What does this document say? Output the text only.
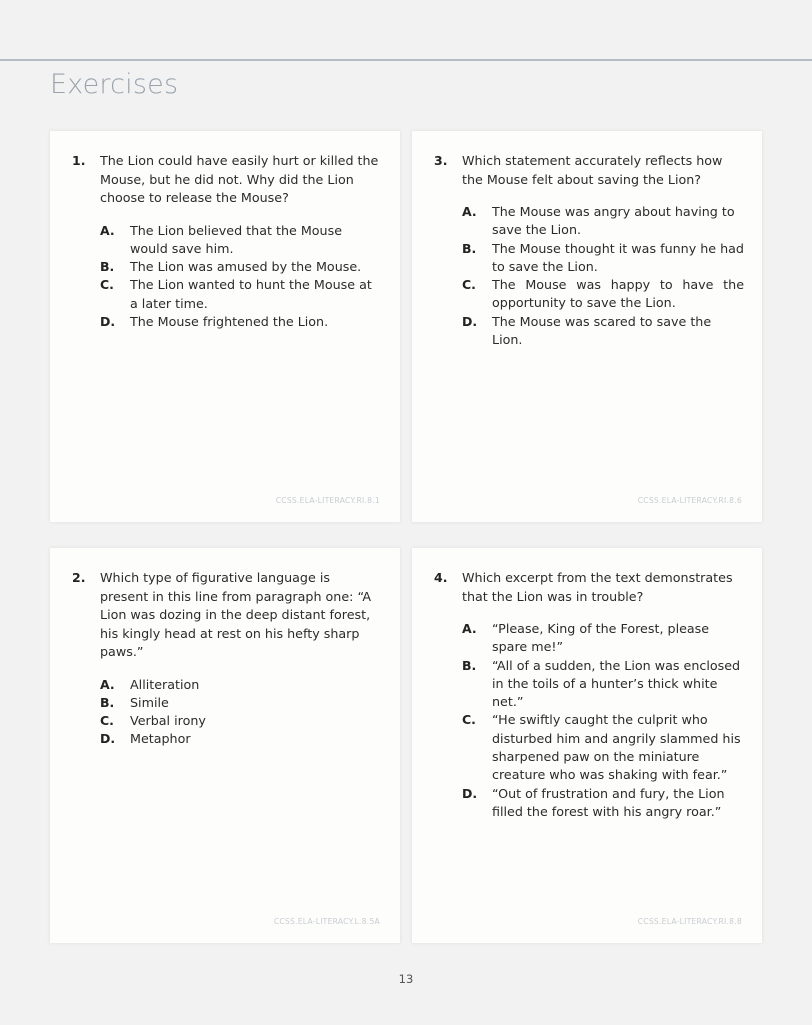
Exercises
1.	The Lion could have easily hurt or killed the Mouse, but he did not. Why did the Lion choose to release the Mouse?
A.	The Lion believed that the Mouse would save him.
B.	The Lion was amused by the Mouse.
C.	The Lion wanted to hunt the Mouse at a later time.
D.	The Mouse frightened the Lion.
CCSS.ELA-LITERACY.RI.8.1
3.	Which statement accurately reflects how the Mouse felt about saving the Lion?
A.	The Mouse was angry about having to save the Lion.
B.	The Mouse thought it was funny he had to save the Lion.
C.	The Mouse was happy to have the opportunity to save the Lion.
D.	The Mouse was scared to save the Lion.
CCSS.ELA-LITERACY.RI.8.6
2.	Which type of figurative language is present in this line from paragraph one: “A Lion was dozing in the deep distant forest, his kingly head at rest on his hefty sharp paws.”
A.	Alliteration
B.	Simile
C.	Verbal irony
D.	Metaphor
CCSS.ELA-LITERACY.L.8.5A
4.	Which excerpt from the text demonstrates that the Lion was in trouble?
A.	“Please, King of the Forest, please spare me!”
B.	“All of a sudden, the Lion was enclosed in the toils of a hunter’s thick white net.”
C.	“He swiftly caught the culprit who disturbed him and angrily slammed his sharpened paw on the miniature creature who was shaking with fear.”
D.	“Out of frustration and fury, the Lion filled the forest with his angry roar.”
CCSS.ELA-LITERACY.RI.8.8
13
